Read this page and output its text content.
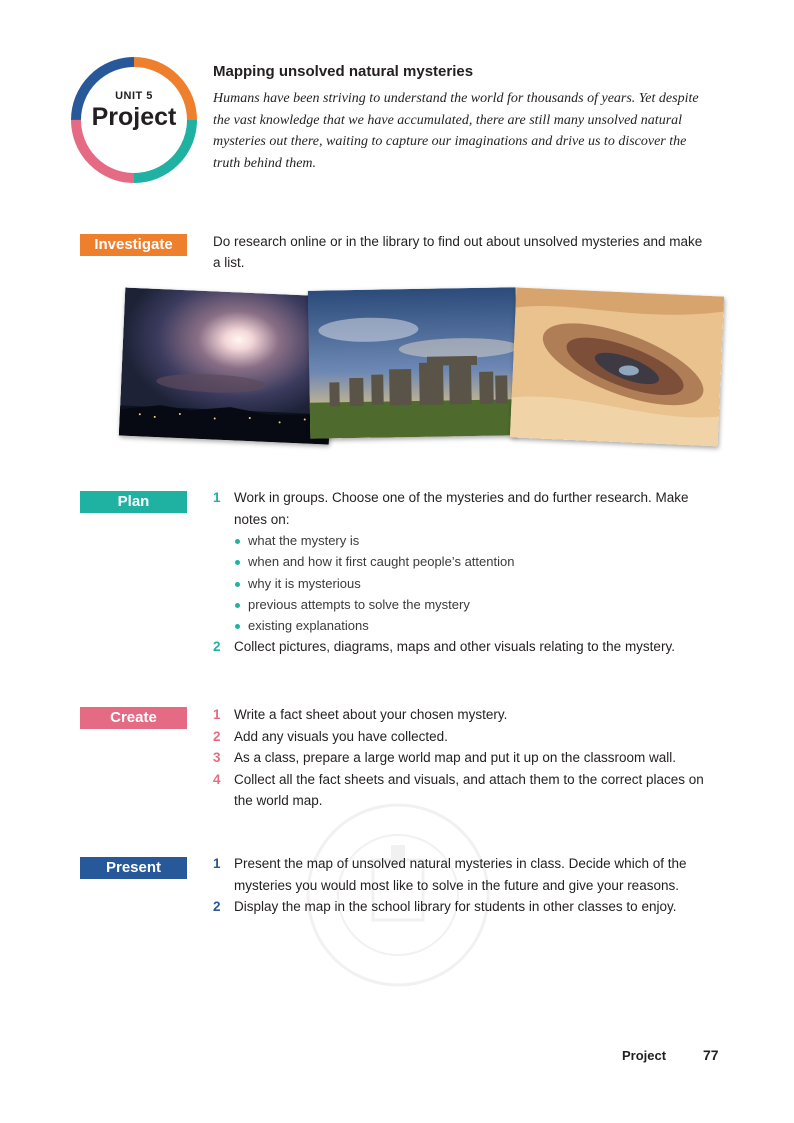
UNIT 5
Project
Mapping unsolved natural mysteries
Humans have been striving to understand the world for thousands of years. Yet despite the vast knowledge that we have accumulated, there are still many unsolved natural mysteries out there, waiting to capture our imaginations and drive us to discover the truth behind them.
Investigate	Do research online or in the library to find out about unsolved mysteries and make a list.
Plan	1 Work in groups. Choose one of the mysteries and do further research. Make notes on:
what the mystery is
when and how it first caught people’s attention
why it is mysterious
previous attempts to solve the mystery
existing explanations
2 Collect pictures, diagrams, maps and other visuals relating to the mystery.
Create	1 Write a fact sheet about your chosen mystery.
2 Add any visuals you have collected.
3 As a class, prepare a large world map and put it up on the classroom wall.
4 Collect all the fact sheets and visuals, and attach them to the correct places on the world map.
Present	1 Present the map of unsolved natural mysteries in class. Decide which of the mysteries you would most like to solve in the future and give your reasons.
2 Display the map in the school library for students in other classes to enjoy.
Project	77
